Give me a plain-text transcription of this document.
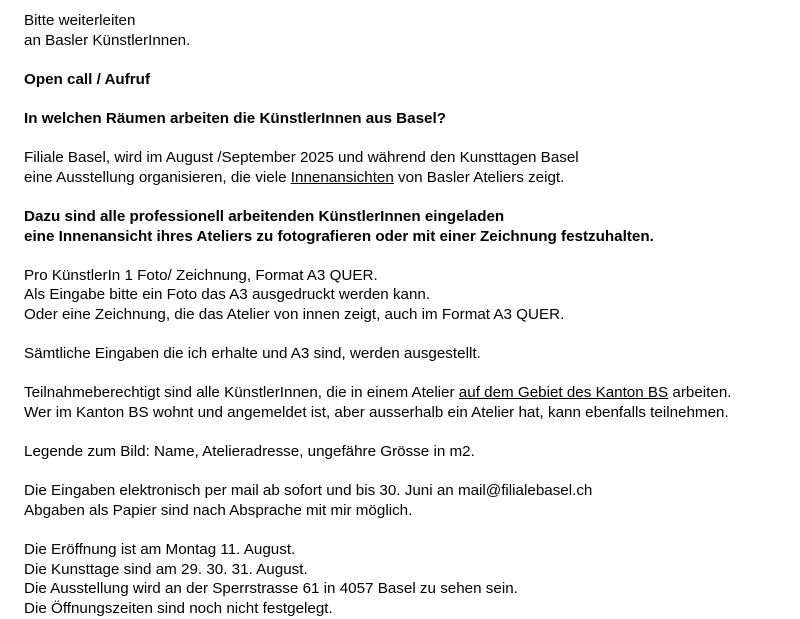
Bitte weiterleiten
an Basler KünstlerInnen.
Open call / Aufruf
In welchen Räumen arbeiten die KünstlerInnen aus Basel?
Filiale Basel, wird im August /September 2025 und während den Kunsttagen Basel
eine Ausstellung organisieren, die viele Innenansichten von Basler Ateliers zeigt.
Dazu sind alle professionell arbeitenden KünstlerInnen eingeladen
eine Innenansicht ihres Ateliers zu fotografieren oder mit einer Zeichnung festzuhalten.
Pro KünstlerIn 1 Foto/ Zeichnung, Format A3 QUER.
Als Eingabe bitte ein Foto das A3 ausgedruckt werden kann.
Oder eine Zeichnung, die das Atelier von innen zeigt, auch im Format A3 QUER.
Sämtliche Eingaben die ich erhalte und A3 sind, werden ausgestellt.
Teilnahmeberechtigt sind alle KünstlerInnen, die in einem Atelier auf dem Gebiet des Kanton BS arbeiten.
Wer im Kanton BS wohnt und angemeldet ist, aber ausserhalb ein Atelier hat, kann ebenfalls teilnehmen.
Legende zum Bild: Name, Atelieradresse, ungefähre Grösse in m2.
Die Eingaben elektronisch per mail ab sofort und bis 30. Juni an mail@filialebasel.ch
Abgaben als Papier sind nach Absprache mit mir möglich.
Die Eröffnung ist am Montag 11. August.
Die Kunsttage sind am 29. 30. 31. August.
Die Ausstellung wird an der Sperrstrasse 61 in 4057 Basel zu sehen sein.
Die Öffnungszeiten sind noch nicht festgelegt.
